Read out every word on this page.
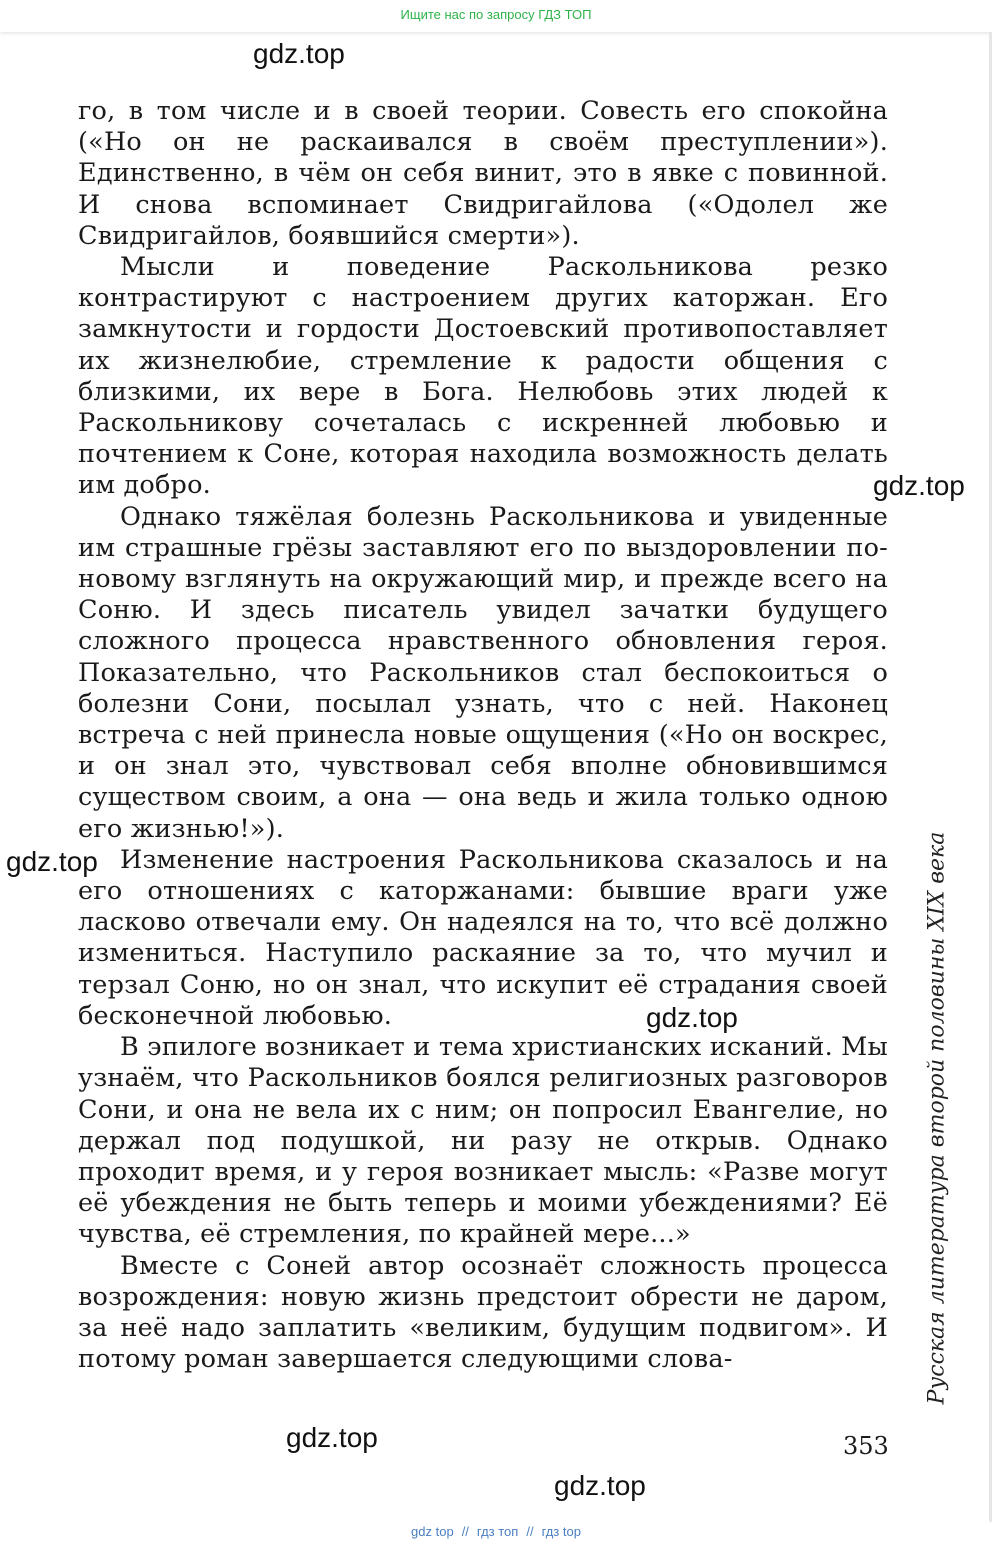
Ищите нас по запросу ГДЗ ТОП

го, в том числе и в своей теории. Совесть его спокойна («Но он не раскаивался в своём преступлении»). Единственно, в чём он себя винит, это в явке с повинной. И снова вспоминает Свидригайлова («Одолел же Свидригайлов, боявшийся смерти»).

Мысли и поведение Раскольникова резко контрастируют с настроением других каторжан. Его замкнутости и гордости Достоевский противопоставляет их жизнелюбие, стремление к радости общения с близкими, их вере в Бога. Нелюбовь этих людей к Раскольникову сочеталась с искренней любовью и почтением к Соне, которая находила возможность делать им добро.

Однако тяжёлая болезнь Раскольникова и увиденные им страшные грёзы заставляют его по выздоровлении по-новому взглянуть на окружающий мир, и прежде всего на Соню. И здесь писатель увидел зачатки будущего сложного процесса нравственного обновления героя. Показательно, что Раскольников стал беспокоиться о болезни Сони, посылал узнать, что с ней. Наконец встреча с ней принесла новые ощущения («Но он воскрес, и он знал это, чувствовал себя вполне обновившимся существом своим, а она — она ведь и жила только одною его жизнью!»).

Изменение настроения Раскольникова сказалось и на его отношениях с каторжанами: бывшие враги уже ласково отвечали ему. Он надеялся на то, что всё должно измениться. Наступило раскаяние за то, что мучил и терзал Соню, но он знал, что искупит её страдания своей бесконечной любовью.

В эпилоге возникает и тема христианских исканий. Мы узнаём, что Раскольников боялся религиозных разговоров Сони, и она не вела их с ним; он попросил Евангелие, но держал под подушкой, ни разу не открыв. Однако проходит время, и у героя возникает мысль: «Разве могут её убеждения не быть теперь и моими убеждениями? Её чувства, её стремления, по крайней мере...»

Вместе с Соней автор осознаёт сложность процесса возрождения: новую жизнь предстоит обрести не даром, за неё надо заплатить «великим, будущим подвигом». И потому роман завершается следующими слова-

gdz.top
gdz.top
gdz.top
gdz.top
gdz.top
gdz.top
Русская литература второй половины XIX века
353
gdz top // гдз топ // гдз top
